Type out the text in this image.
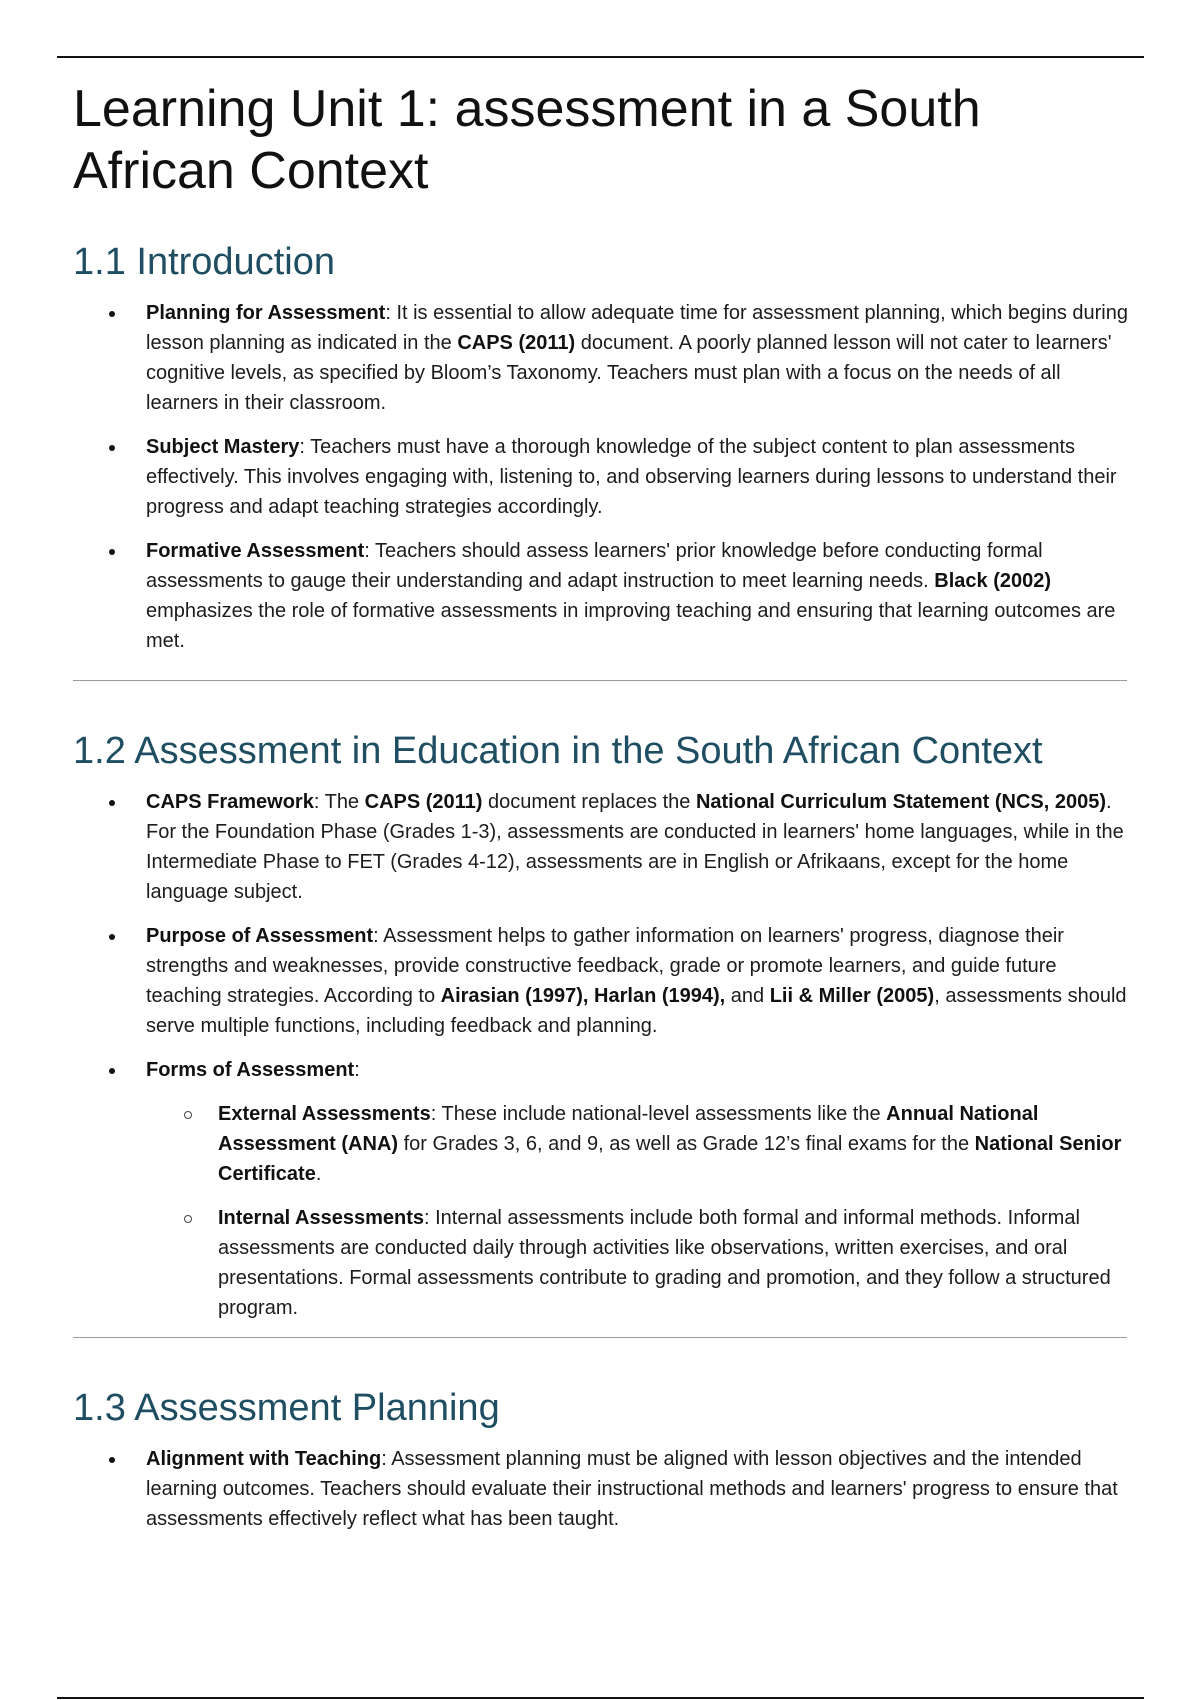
Learning Unit 1: assessment in a South
African Context
1.1 Introduction
Planning for Assessment: It is essential to allow adequate time for assessment planning, which begins during lesson planning as indicated in the CAPS (2011) document. A poorly planned lesson will not cater to learners' cognitive levels, as specified by Bloom’s Taxonomy. Teachers must plan with a focus on the needs of all learners in their classroom.
Subject Mastery: Teachers must have a thorough knowledge of the subject content to plan assessments effectively. This involves engaging with, listening to, and observing learners during lessons to understand their progress and adapt teaching strategies accordingly.
Formative Assessment: Teachers should assess learners' prior knowledge before conducting formal assessments to gauge their understanding and adapt instruction to meet learning needs. Black (2002) emphasizes the role of formative assessments in improving teaching and ensuring that learning outcomes are met.
1.2 Assessment in Education in the South African Context
CAPS Framework: The CAPS (2011) document replaces the National Curriculum Statement (NCS, 2005). For the Foundation Phase (Grades 1-3), assessments are conducted in learners' home languages, while in the Intermediate Phase to FET (Grades 4-12), assessments are in English or Afrikaans, except for the home language subject.
Purpose of Assessment: Assessment helps to gather information on learners' progress, diagnose their strengths and weaknesses, provide constructive feedback, grade or promote learners, and guide future teaching strategies. According to Airasian (1997), Harlan (1994), and Lii & Miller (2005), assessments should serve multiple functions, including feedback and planning.
Forms of Assessment:
External Assessments: These include national-level assessments like the Annual National Assessment (ANA) for Grades 3, 6, and 9, as well as Grade 12’s final exams for the National Senior Certificate.
Internal Assessments: Internal assessments include both formal and informal methods. Informal assessments are conducted daily through activities like observations, written exercises, and oral presentations. Formal assessments contribute to grading and promotion, and they follow a structured program.
1.3 Assessment Planning
Alignment with Teaching: Assessment planning must be aligned with lesson objectives and the intended learning outcomes. Teachers should evaluate their instructional methods and learners' progress to ensure that assessments effectively reflect what has been taught.
